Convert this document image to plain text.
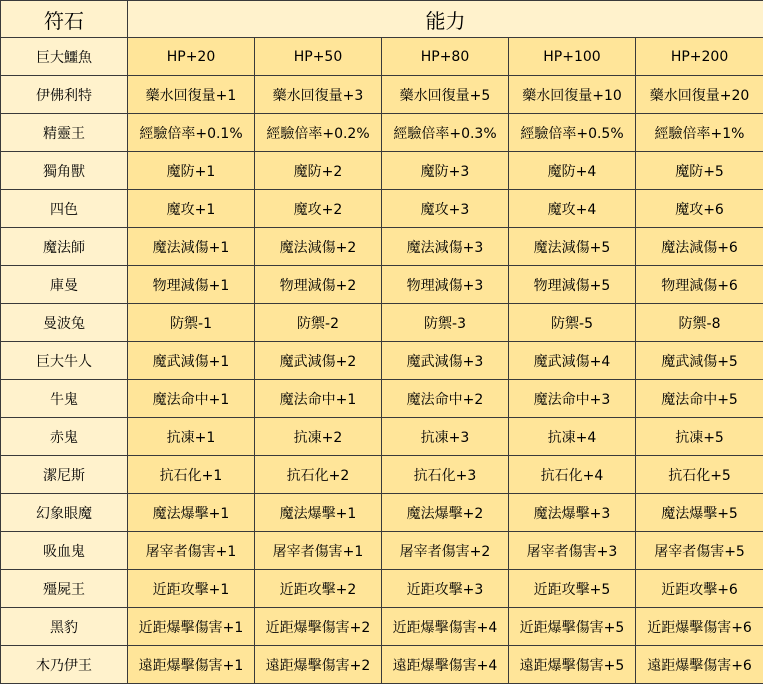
符石	能力				
巨大鱷魚	HP+20	HP+50	HP+80	HP+100	HP+200
伊佛利特	藥水回復量+1	藥水回復量+3	藥水回復量+5	藥水回復量+10	藥水回復量+20
精靈王	經驗倍率+0.1%	經驗倍率+0.2%	經驗倍率+0.3%	經驗倍率+0.5%	經驗倍率+1%
獨角獸	魔防+1	魔防+2	魔防+3	魔防+4	魔防+5
四色	魔攻+1	魔攻+2	魔攻+3	魔攻+4	魔攻+6
魔法師	魔法減傷+1	魔法減傷+2	魔法減傷+3	魔法減傷+5	魔法減傷+6
庫曼	物理減傷+1	物理減傷+2	物理減傷+3	物理減傷+5	物理減傷+6
曼波兔	防禦-1	防禦-2	防禦-3	防禦-5	防禦-8
巨大牛人	魔武減傷+1	魔武減傷+2	魔武減傷+3	魔武減傷+4	魔武減傷+5
牛鬼	魔法命中+1	魔法命中+1	魔法命中+2	魔法命中+3	魔法命中+5
赤鬼	抗凍+1	抗凍+2	抗凍+3	抗凍+4	抗凍+5
潔尼斯	抗石化+1	抗石化+2	抗石化+3	抗石化+4	抗石化+5
幻象眼魔	魔法爆擊+1	魔法爆擊+1	魔法爆擊+2	魔法爆擊+3	魔法爆擊+5
吸血鬼	屠宰者傷害+1	屠宰者傷害+1	屠宰者傷害+2	屠宰者傷害+3	屠宰者傷害+5
殭屍王	近距攻擊+1	近距攻擊+2	近距攻擊+3	近距攻擊+5	近距攻擊+6
黑豹	近距爆擊傷害+1	近距爆擊傷害+2	近距爆擊傷害+4	近距爆擊傷害+5	近距爆擊傷害+6
木乃伊王	遠距爆擊傷害+1	遠距爆擊傷害+2	遠距爆擊傷害+4	遠距爆擊傷害+5	遠距爆擊傷害+6
